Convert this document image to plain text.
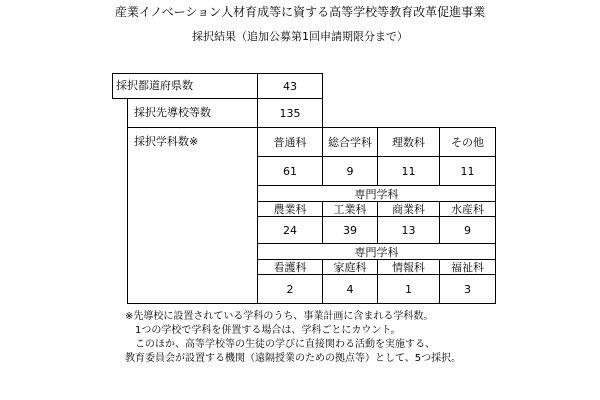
産業イノベーション人材育成等に資する高等学校等教育改革促進事業
採択結果（追加公募第1回申請期限分まで）
採択都道府県数	43
採択先導校等数	135
採択学科数※	普通科	総合学科	理数科	その他
61	9	11	11
専門学科
農業科	工業科	商業科	水産科
24	39	13	9
専門学科
看護科	家庭科	情報科	福祉科
2	4	1	3
※先導校に設置されている学科のうち、事業計画に含まれる学科数。
　1つの学校で学科を併置する場合は、学科ごとにカウント。
　このほか、高等学校等の生徒の学びに直接関わる活動を実施する、
教育委員会が設置する機関（遠隔授業のための拠点等）として、5つ採択。
